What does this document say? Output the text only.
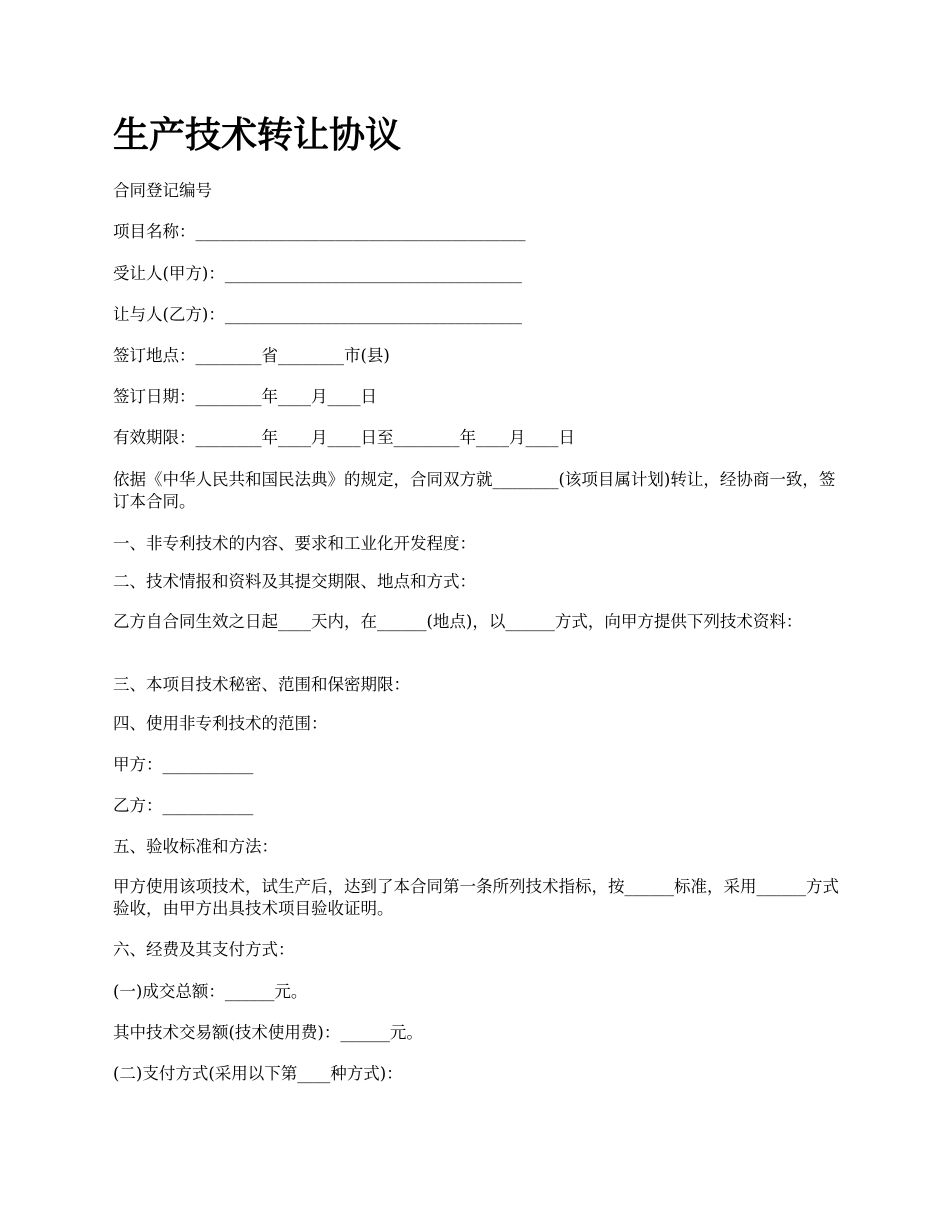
生产技术转让协议
合同登记编号
项目名称：________________________________________
受让人(甲方)：____________________________________
让与人(乙方)：____________________________________
签订地点：________省________市(县)
签订日期：________年____月____日
有效期限：________年____月____日至________年____月____日
依据《中华人民共和国民法典》的规定，合同双方就________(该项目属计划)转让，经协商一致，签订本合同。
一、非专利技术的内容、要求和工业化开发程度：
二、技术情报和资料及其提交期限、地点和方式：
乙方自合同生效之日起____天内，在______(地点)，以______方式，向甲方提供下列技术资料：
三、本项目技术秘密、范围和保密期限：
四、使用非专利技术的范围：
甲方：___________
乙方：___________
五、验收标准和方法：
甲方使用该项技术，试生产后，达到了本合同第一条所列技术指标，按______标准，采用______方式验收，由甲方出具技术项目验收证明。
六、经费及其支付方式：
(一)成交总额：______元。
其中技术交易额(技术使用费)：______元。
(二)支付方式(采用以下第____种方式)：
